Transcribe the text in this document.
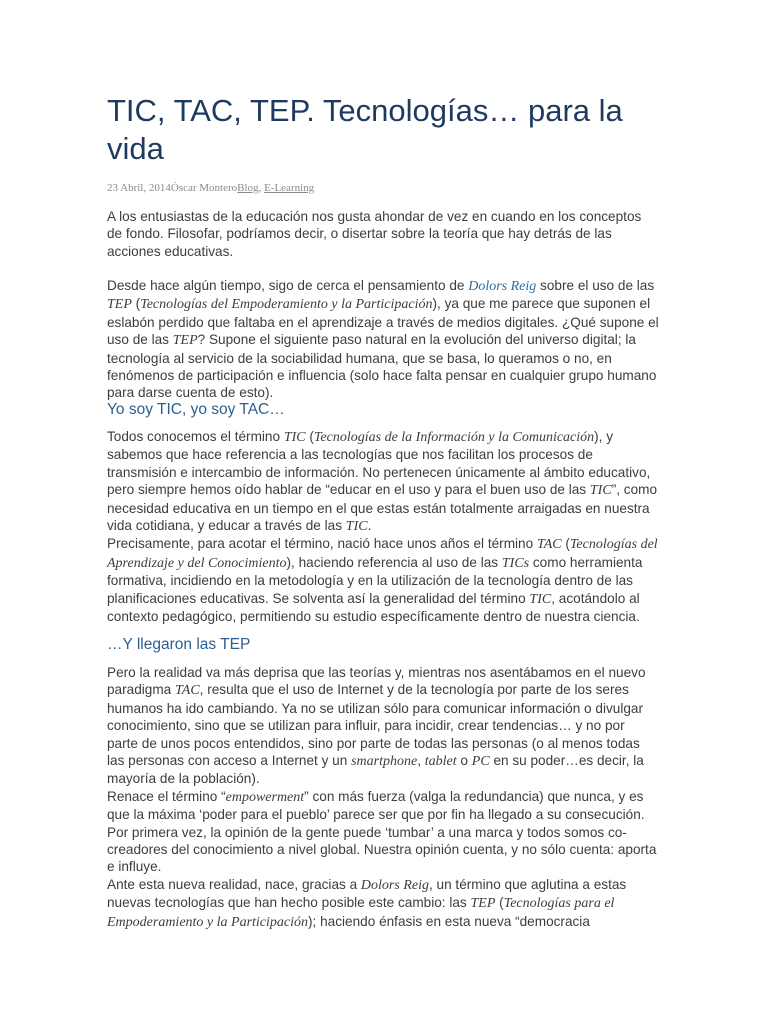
TIC, TAC, TEP. Tecnologías… para la vida
23 Abril, 2014Óscar MonteroBlog, E-Learning

A los entusiastas de la educación nos gusta ahondar de vez en cuando en los conceptos de fondo. Filosofar, podríamos decir, o disertar sobre la teoría que hay detrás de las acciones educativas.

Desde hace algún tiempo, sigo de cerca el pensamiento de Dolors Reig sobre el uso de las TEP (Tecnologías del Empoderamiento y la Participación), ya que me parece que suponen el eslabón perdido que faltaba en el aprendizaje a través de medios digitales. ¿Qué supone el uso de las TEP? Supone el siguiente paso natural en la evolución del universo digital; la tecnología al servicio de la sociabilidad humana, que se basa, lo queramos o no, en fenómenos de participación e influencia (solo hace falta pensar en cualquier grupo humano para darse cuenta de esto).

Yo soy TIC, yo soy TAC…

Todos conocemos el término TIC (Tecnologías de la Información y la Comunicación), y sabemos que hace referencia a las tecnologías que nos facilitan los procesos de transmisión e intercambio de información. No pertenecen únicamente al ámbito educativo, pero siempre hemos oído hablar de “educar en el uso y para el buen uso de las TIC”, como necesidad educativa en un tiempo en el que estas están totalmente arraigadas en nuestra vida cotidiana, y educar a través de las TIC.
Precisamente, para acotar el término, nació hace unos años el término TAC (Tecnologías del Aprendizaje y del Conocimiento), haciendo referencia al uso de las TICs como herramienta formativa, incidiendo en la metodología y en la utilización de la tecnología dentro de las planificaciones educativas. Se solventa así la generalidad del término TIC, acotándolo al contexto pedagógico, permitiendo su estudio específicamente dentro de nuestra ciencia.

…Y llegaron las TEP

Pero la realidad va más deprisa que las teorías y, mientras nos asentábamos en el nuevo paradigma TAC, resulta que el uso de Internet y de la tecnología por parte de los seres humanos ha ido cambiando. Ya no se utilizan sólo para comunicar información o divulgar conocimiento, sino que se utilizan para influir, para incidir, crear tendencias… y no por parte de unos pocos entendidos, sino por parte de todas las personas (o al menos todas las personas con acceso a Internet y un smartphone, tablet o PC en su poder…es decir, la mayoría de la población).
Renace el término “empowerment” con más fuerza (valga la redundancia) que nunca, y es que la máxima ‘poder para el pueblo’ parece ser que por fin ha llegado a su consecución. Por primera vez, la opinión de la gente puede ‘tumbar’ a una marca y todos somos co-creadores del conocimiento a nivel global. Nuestra opinión cuenta, y no sólo cuenta: aporta e influye.
Ante esta nueva realidad, nace, gracias a Dolors Reig, un término que aglutina a estas nuevas tecnologías que han hecho posible este cambio: las TEP (Tecnologías para el Empoderamiento y la Participación); haciendo énfasis en esta nueva “democracia
